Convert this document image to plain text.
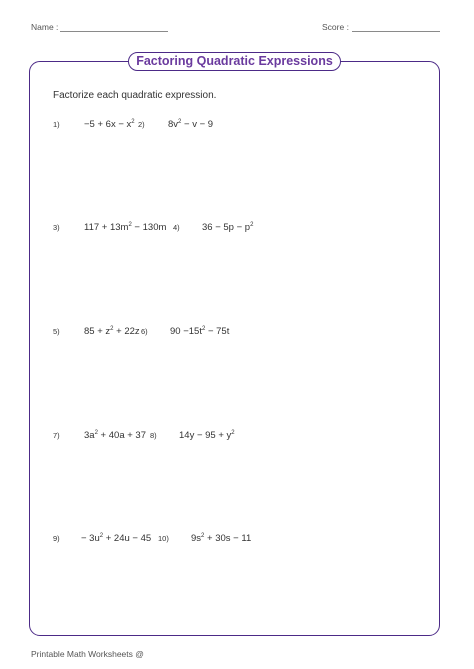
Name :	Score :
Factoring Quadratic Expressions
Factorize each quadratic expression.
1)	$-5 + 6x - x^2$ 2) $8v^2 - v - 9$
3)	$117 + 13m^2 - 130m$ 4) $36 - 5p - p^2$
5)	$85 + z^2 + 22z$ 6) $90 -15t^2 - 75t$
7)	$3a^2 + 40a + 37$ 8) $14y - 95 + y^2$
$9) - 3u^2 + 24u - 45$ 10) $9s^2 + 30s - 11$
Printable Math Worksheets @
